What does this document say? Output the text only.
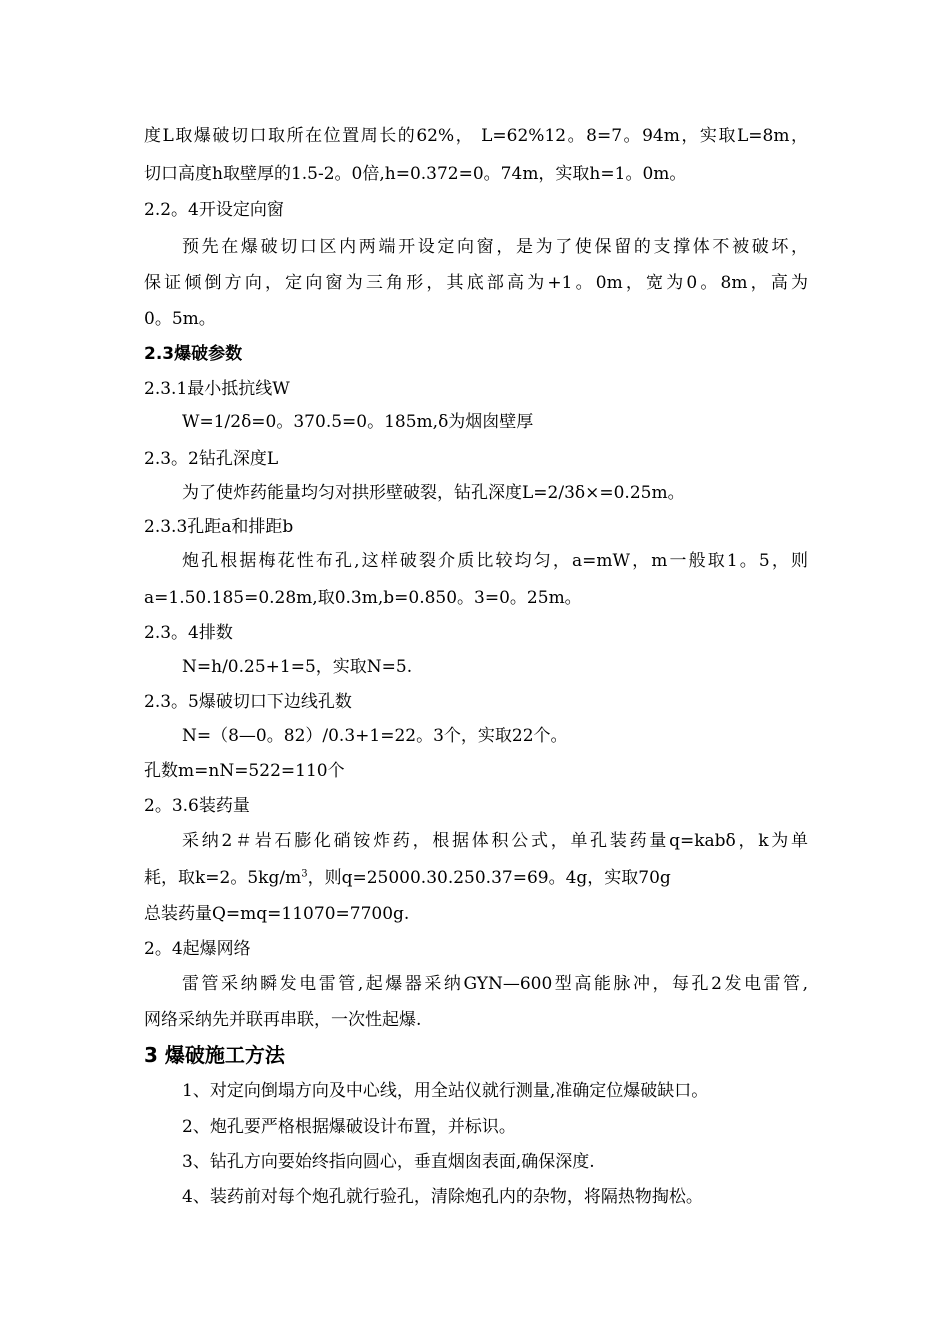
度L取爆破切口取所在位置周长的62%， L=62%12。8=7。94m，实取L=8m，
切口高度h取壁厚的1.5-2。0倍,h=0.372=0。74m，实取h=1。0m。
2.2。4开设定向窗
预先在爆破切口区内两端开设定向窗，是为了使保留的支撑体不被破坏，
保证倾倒方向，定向窗为三角形，其底部高为+1。0m，宽为0。8m，高为
0。5m。
2.3爆破参数
2.3.1最小抵抗线W
W=1/2δ=0。370.5=0。185m,δ为烟囱壁厚
2.3。2钻孔深度L
为了使炸药能量均匀对拱形壁破裂，钻孔深度L=2/3δ×=0.25m。
2.3.3孔距a和排距b
炮孔根据梅花性布孔,这样破裂介质比较均匀，a=mW，m一般取1。5，则
a=1.50.185=0.28m,取0.3m,b=0.850。3=0。25m。
2.3。4排数
N=h/0.25+1=5，实取N=5.
2.3。5爆破切口下边线孔数
N=（8—0。82）/0.3+1=22。3个，实取22个。
孔数m=nN=522=110个
2。3.6装药量
采纳2＃岩石膨化硝铵炸药，根据体积公式，单孔装药量q=kabδ，k为单
耗，取k=2。$5kg/m^3$，则q=25000.30.250.37=69。4g，实取70g
总装药量Q=mq=11070=7700g.
2。4起爆网络
雷管采纳瞬发电雷管,起爆器采纳GYN—600型高能脉冲，每孔2发电雷管,
网络采纳先并联再串联，一次性起爆.
3 爆破施工方法
1、对定向倒塌方向及中心线，用全站仪就行测量,准确定位爆破缺口。
2、炮孔要严格根据爆破设计布置，并标识。
3、钻孔方向要始终指向圆心，垂直烟囱表面,确保深度.
4、装药前对每个炮孔就行验孔，清除炮孔内的杂物，将隔热物掏松。
